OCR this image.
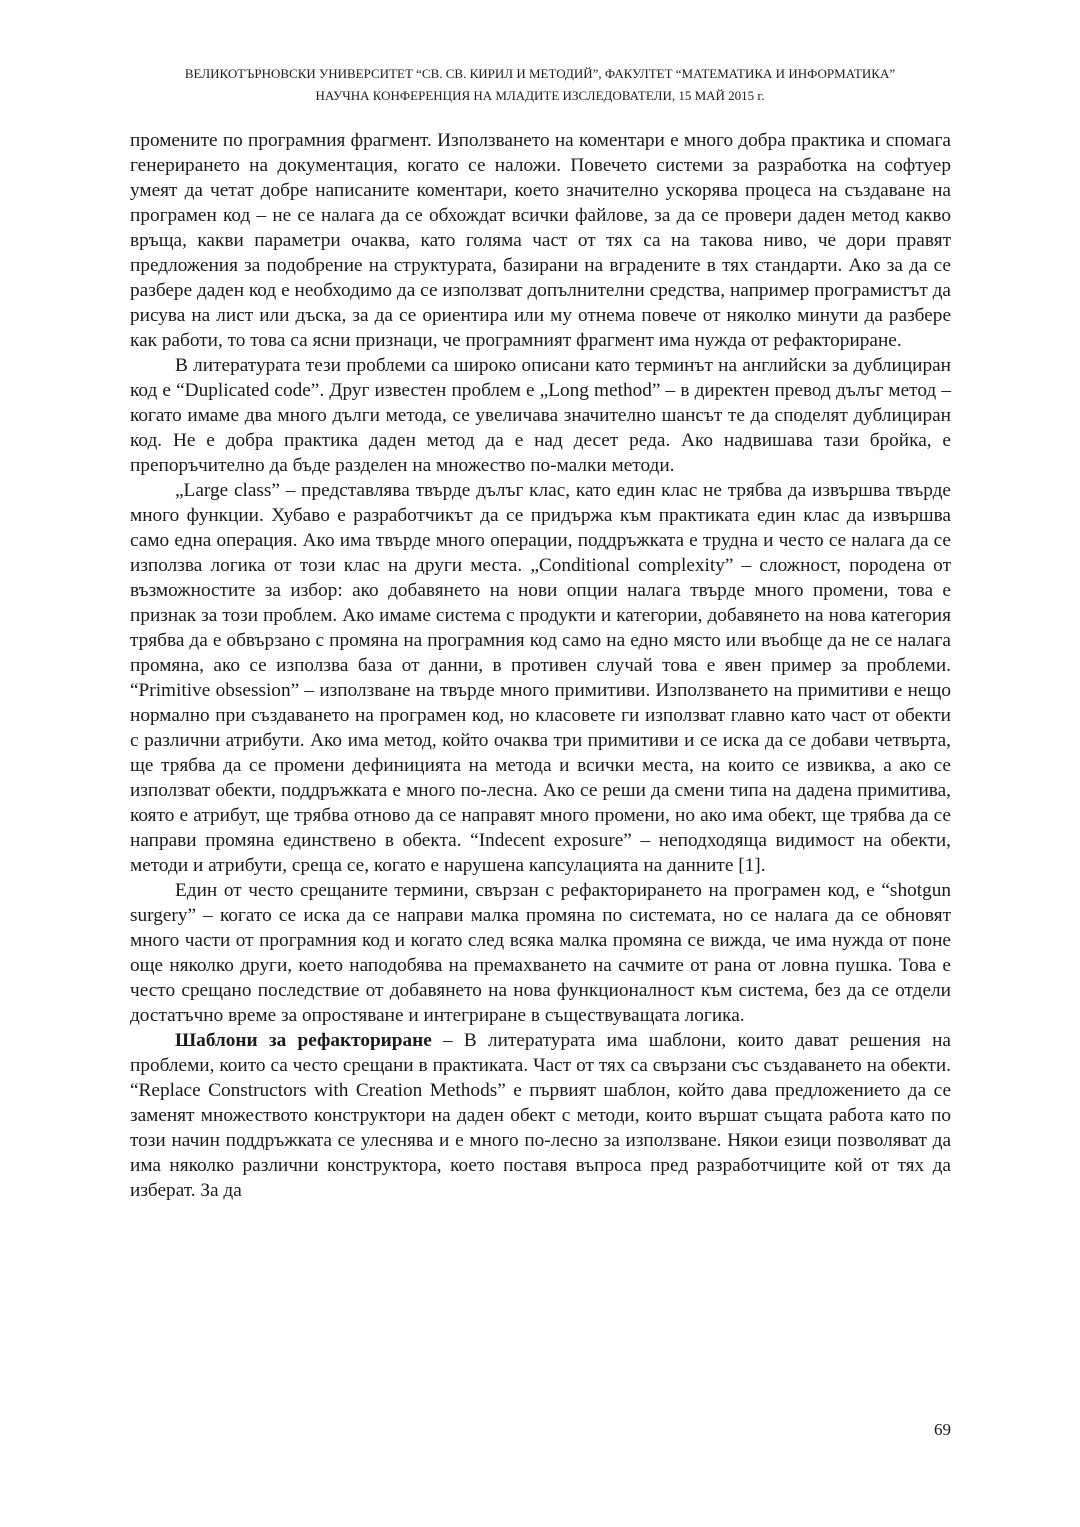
ВЕЛИКОТЪРНОВСКИ УНИВЕРСИТЕТ “СВ. СВ. КИРИЛ И МЕТОДИЙ”, ФАКУЛТЕТ “МАТЕМАТИКА И ИНФОРМАТИКА”
НАУЧНА КОНФЕРЕНЦИЯ НА МЛАДИТЕ ИЗСЛЕДОВАТЕЛИ, 15 МАЙ 2015 г.

промените по програмния фрагмент. Използването на коментари е много добра практика и спомага генерирането на документация, когато се наложи. Повечето системи за разработка на софтуер умеят да четат добре написаните коментари, което значително ускорява процеса на създаване на програмен код – не се налага да се обхождат всички файлове, за да се провери даден метод какво връща, какви параметри очаква, като голяма част от тях са на такова ниво, че дори правят предложения за подобрение на структурата, базирани на вградените в тях стандарти. Ако за да се разбере даден код е необходимо да се използват допълнителни средства, например програмистът да рисува на лист или дъска, за да се ориентира или му отнема повече от няколко минути да разбере как работи, то това са ясни признаци, че програмният фрагмент има нужда от рефакториране.

В литературата тези проблеми са широко описани като терминът на английски за дублициран код е “Duplicated code”. Друг известен проблем е „Long method” – в директен превод дълъг метод – когато имаме два много дълги метода, се увеличава значително шансът те да споделят дублициран код. Не е добра практика даден метод да е над десет реда. Ако надвишава тази бройка, е препоръчително да бъде разделен на множество по-малки методи.

„Large class” – представлява твърде дълъг клас, като един клас не трябва да извършва твърде много функции. Хубаво е разработчикът да се придържа към практиката един клас да извършва само една операция. Ако има твърде много операции, поддръжката е трудна и често се налага да се използва логика от този клас на други места. „Conditional complexity” – сложност, породена от възможностите за избор: ако добавянето на нови опции налага твърде много промени, това е признак за този проблем. Ако имаме система с продукти и категории, добавянето на нова категория трябва да е обвързано с промяна на програмния код само на едно място или въобще да не се налага промяна, ако се използва база от данни, в противен случай това е явен пример за проблеми. “Primitive obsession” – използване на твърде много примитиви. Използването на примитиви е нещо нормално при създаването на програмен код, но класовете ги използват главно като част от обекти с различни атрибути. Ако има метод, който очаква три примитиви и се иска да се добави четвърта, ще трябва да се промени дефиницията на метода и всички места, на които се извиква, а ако се използват обекти, поддръжката е много по-лесна. Ако се реши да смени типа на дадена примитива, която е атрибут, ще трябва отново да се направят много промени, но ако има обект, ще трябва да се направи промяна единствено в обекта. “Indecent exposure” – неподходяща видимост на обекти, методи и атрибути, среща се, когато е нарушена капсулацията на данните [1].

Един от често срещаните термини, свързан с рефакторирането на програмен код, е “shotgun surgery” – когато се иска да се направи малка промяна по системата, но се налага да се обновят много части от програмния код и когато след всяка малка промяна се вижда, че има нужда от поне още няколко други, което наподобява на премахването на сачмите от рана от ловна пушка. Това е често срещано последствие от добавянето на нова функционалност към система, без да се отдели достатъчно време за опростяване и интегриране в съществуващата логика.

Шаблони за рефакториране – В литературата има шаблони, които дават решения на проблеми, които са често срещани в практиката. Част от тях са свързани със създаването на обекти. “Replace Constructors with Creation Methods” е първият шаблон, който дава предложението да се заменят множеството конструктори на даден обект с методи, които вършат същата работа като по този начин поддръжката се улеснява и е много по-лесно за използване. Някои езици позволяват да има няколко различни конструктора, което поставя въпроса пред разработчиците кой от тях да изберат. За да

69
